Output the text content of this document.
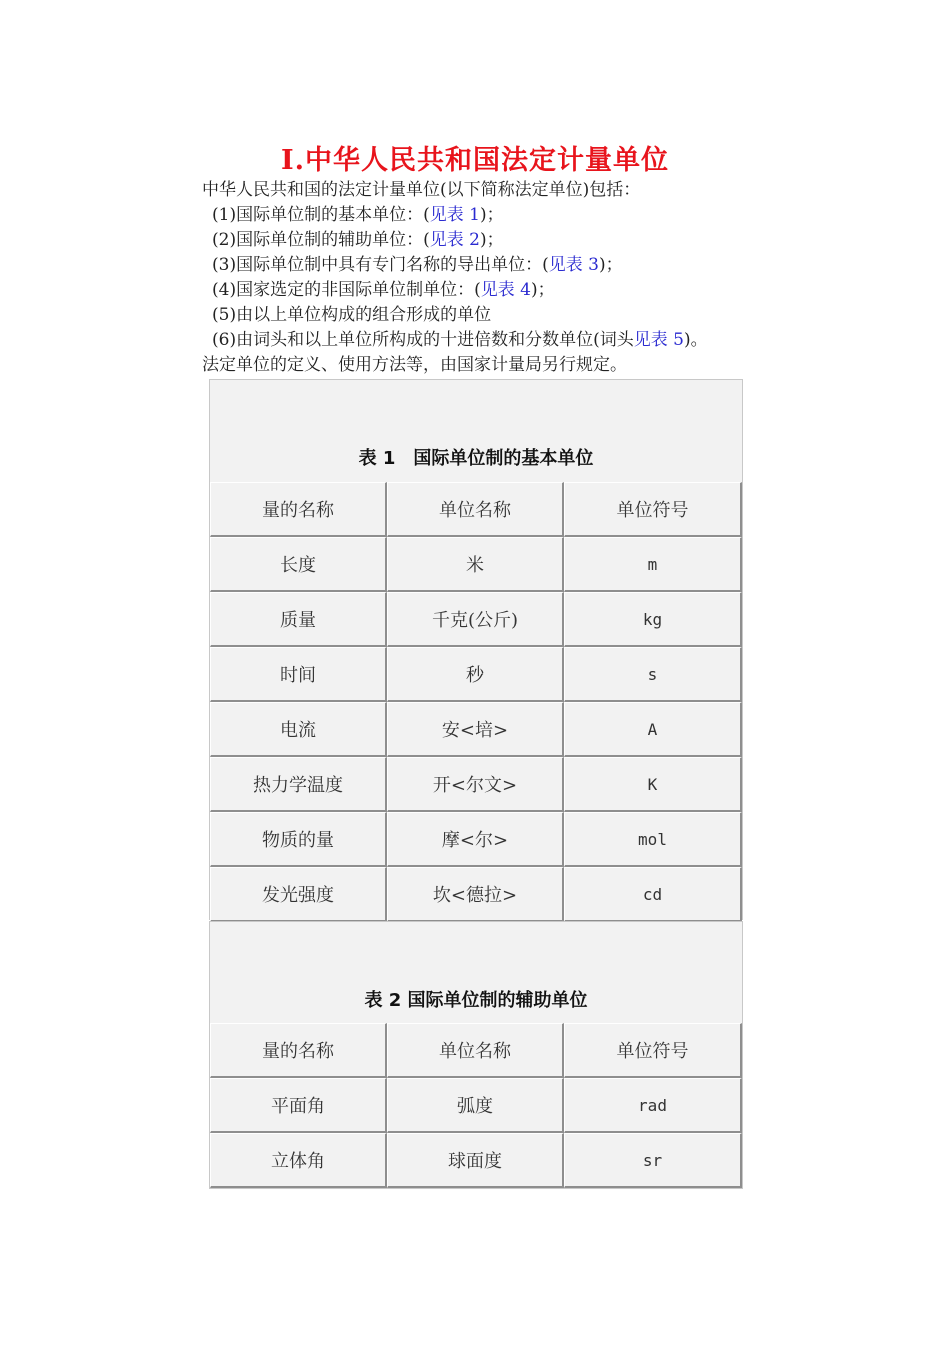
I.中华人民共和国法定计量单位
中华人民共和国的法定计量单位(以下简称法定单位)包括：
(1)国际单位制的基本单位：(见表 1)；
(2)国际单位制的辅助单位：(见表 2)；
(3)国际单位制中具有专门名称的导出单位：(见表 3)；
(4)国家选定的非国际单位制单位：(见表 4)；
(5)由以上单位构成的组合形成的单位
(6)由词头和以上单位所构成的十进倍数和分数单位(词头见表 5)。
法定单位的定义、使用方法等，由国家计量局另行规定。
表 1　国际单位制的基本单位
量的名称	单位名称	单位符号
长度	米	m
质量	千克(公斤)	kg
时间	秒	s
电流	安<培>	A
热力学温度	开<尔文>	K
物质的量	摩<尔>	mol
发光强度	坎<德拉>	cd
表 2 国际单位制的辅助单位
量的名称	单位名称	单位符号
平面角	弧度	rad
立体角	球面度	sr
